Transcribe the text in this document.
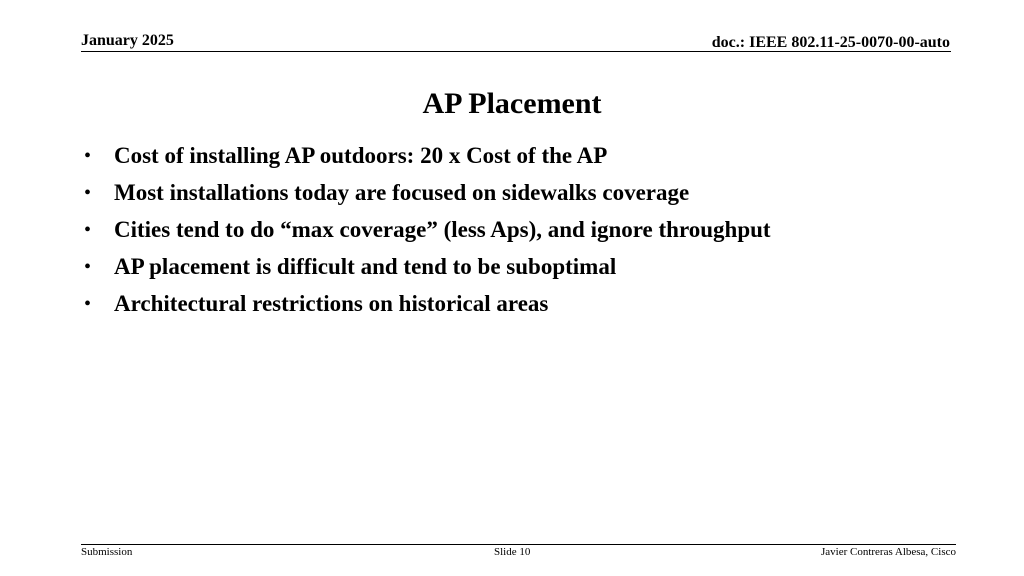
January 2025	doc.: IEEE 802.11-25-0070-00-auto
AP Placement
• Cost of installing AP outdoors: 20 x Cost of the AP
• Most installations today are focused on sidewalks coverage
• Cities tend to do “max coverage” (less Aps), and ignore throughput
• AP placement is difficult and tend to be suboptimal
• Architectural restrictions on historical areas
Submission	Slide 10	Javier Contreras Albesa, Cisco
